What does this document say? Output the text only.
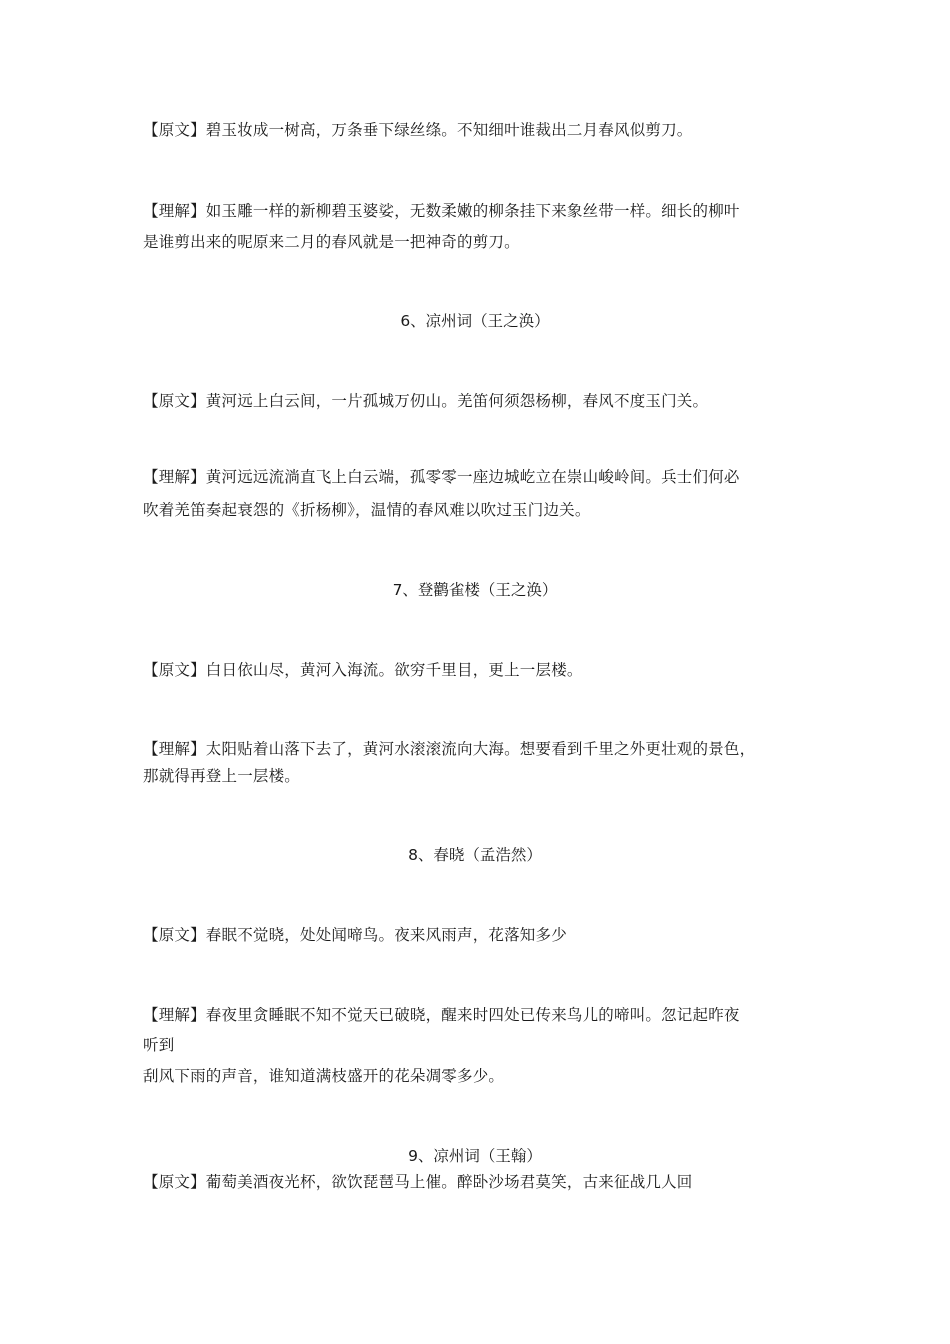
【原文】碧玉妆成一树高，万条垂下绿丝绦。不知细叶谁裁出二月春风似剪刀。
【理解】如玉雕一样的新柳碧玉婆娑，无数柔嫩的柳条挂下来象丝带一样。细长的柳叶
是谁剪出来的呢原来二月的春风就是一把神奇的剪刀。
6、凉州词（王之涣）
【原文】黄河远上白云间，一片孤城万仞山。羌笛何须怨杨柳，春风不度玉门关。
【理解】黄河远远流淌直飞上白云端，孤零零一座边城屹立在崇山峻岭间。兵士们何必
吹着羌笛奏起衰怨的《折杨柳》，温情的春风难以吹过玉门边关。
7、登鹳雀楼（王之涣）
【原文】白日依山尽，黄河入海流。欲穷千里目，更上一层楼。
【理解】太阳贴着山落下去了，黄河水滚滚流向大海。想要看到千里之外更壮观的景色，
那就得再登上一层楼。
8、春晓（孟浩然）
【原文】春眠不觉晓，处处闻啼鸟。夜来风雨声，花落知多少
【理解】春夜里贪睡眠不知不觉天已破晓，醒来时四处已传来鸟儿的啼叫。忽记起昨夜
听到
刮风下雨的声音，谁知道满枝盛开的花朵凋零多少。
9、凉州词（王翰）
【原文】葡萄美酒夜光杯，欲饮琵琶马上催。醉卧沙场君莫笑，古来征战几人回
